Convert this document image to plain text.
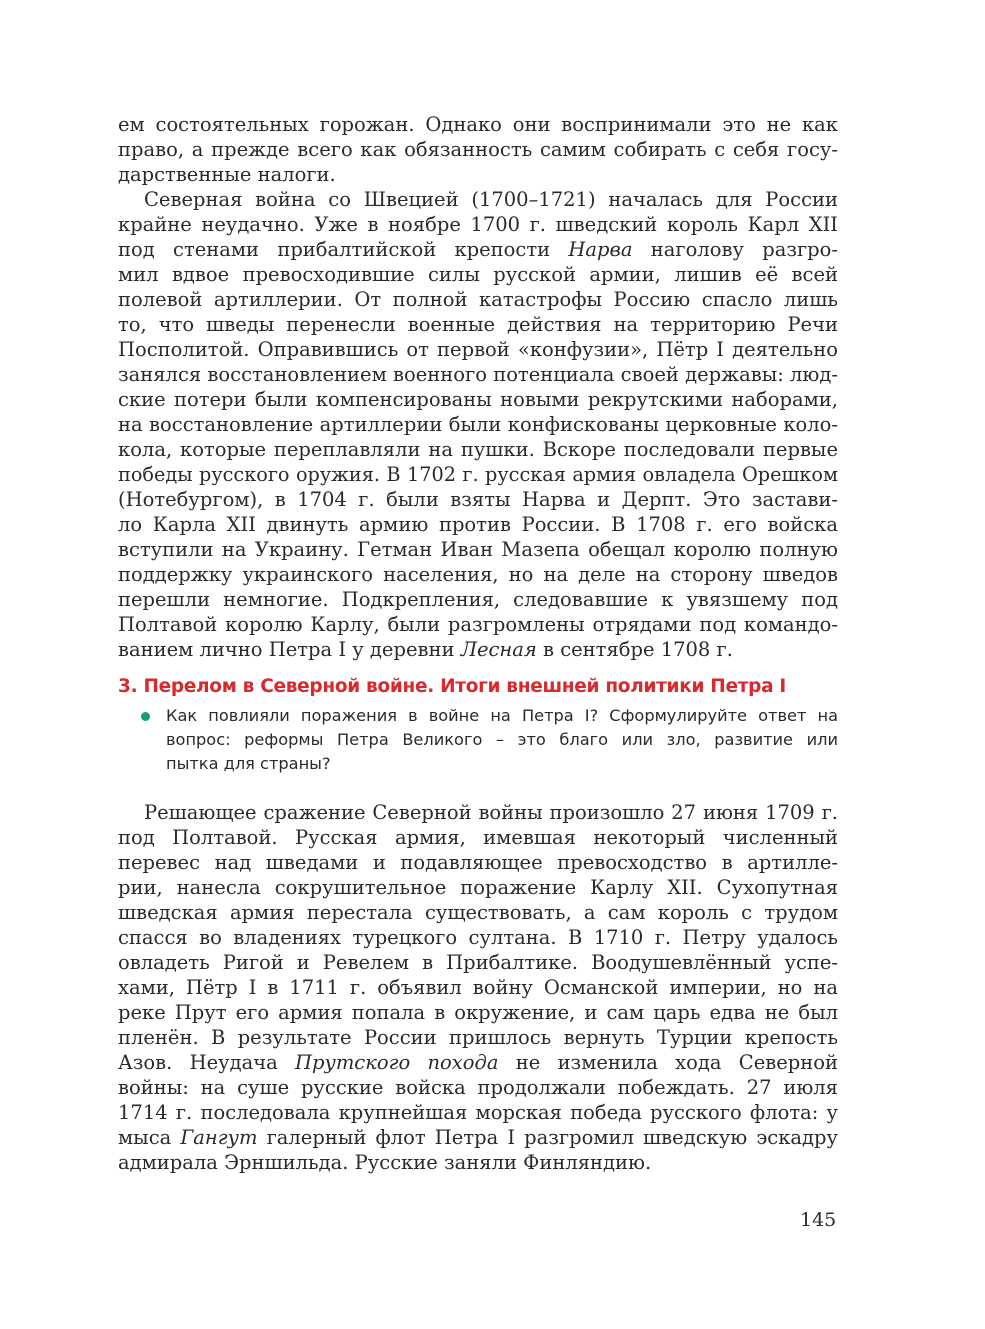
ем состоятельных горожан. Однако они воспринимали это не как
право, а прежде всего как обязанность самим собирать с себя госу-
дарственные налоги.
Северная война со Швецией (1700–1721) началась для России
крайне неудачно. Уже в ноябре 1700 г. шведский король Карл XII
под стенами прибалтийской крепости Нарва наголову разгро-
мил вдвое превосходившие силы русской армии, лишив её всей
полевой артиллерии. От полной катастрофы Россию спасло лишь
то, что шведы перенесли военные действия на территорию Речи
Посполитой. Оправившись от первой «конфузии», Пётр I деятельно
занялся восстановлением военного потенциала своей державы: люд-
ские потери были компенсированы новыми рекрутскими наборами,
на восстановление артиллерии были конфискованы церковные коло-
кола, которые переплавляли на пушки. Вскоре последовали первые
победы русского оружия. В 1702 г. русская армия овладела Орешком
(Нотебургом), в 1704 г. были взяты Нарва и Дерпт. Это застави-
ло Карла XII двинуть армию против России. В 1708 г. его войска
вступили на Украину. Гетман Иван Мазепа обещал королю полную
поддержку украинского населения, но на деле на сторону шведов
перешли немногие. Подкрепления, следовавшие к увязшему под
Полтавой королю Карлу, были разгромлены отрядами под командо-
ванием лично Петра I у деревни Лесная в сентябре 1708 г.
3. Перелом в Северной войне. Итоги внешней политики Петра I
Как повлияли поражения в войне на Петра I? Сформулируйте ответ на
вопрос: реформы Петра Великого – это благо или зло, развитие или
пытка для страны?
Решающее сражение Северной войны произошло 27 июня 1709 г.
под Полтавой. Русская армия, имевшая некоторый численный
перевес над шведами и подавляющее превосходство в артилле-
рии, нанесла сокрушительное поражение Карлу XII. Сухопутная
шведская армия перестала существовать, а сам король с трудом
спасся во владениях турецкого султана. В 1710 г. Петру удалось
овладеть Ригой и Ревелем в Прибалтике. Воодушевлённый успе-
хами, Пётр I в 1711 г. объявил войну Османской империи, но на
реке Прут его армия попала в окружение, и сам царь едва не был
пленён. В результате России пришлось вернуть Турции крепость
Азов. Неудача Прутского похода не изменила хода Северной
войны: на суше русские войска продолжали побеждать. 27 июля
1714 г. последовала крупнейшая морская победа русского флота: у
мыса Гангут галерный флот Петра I разгромил шведскую эскадру
адмирала Эрншильда. Русские заняли Финляндию.
145
